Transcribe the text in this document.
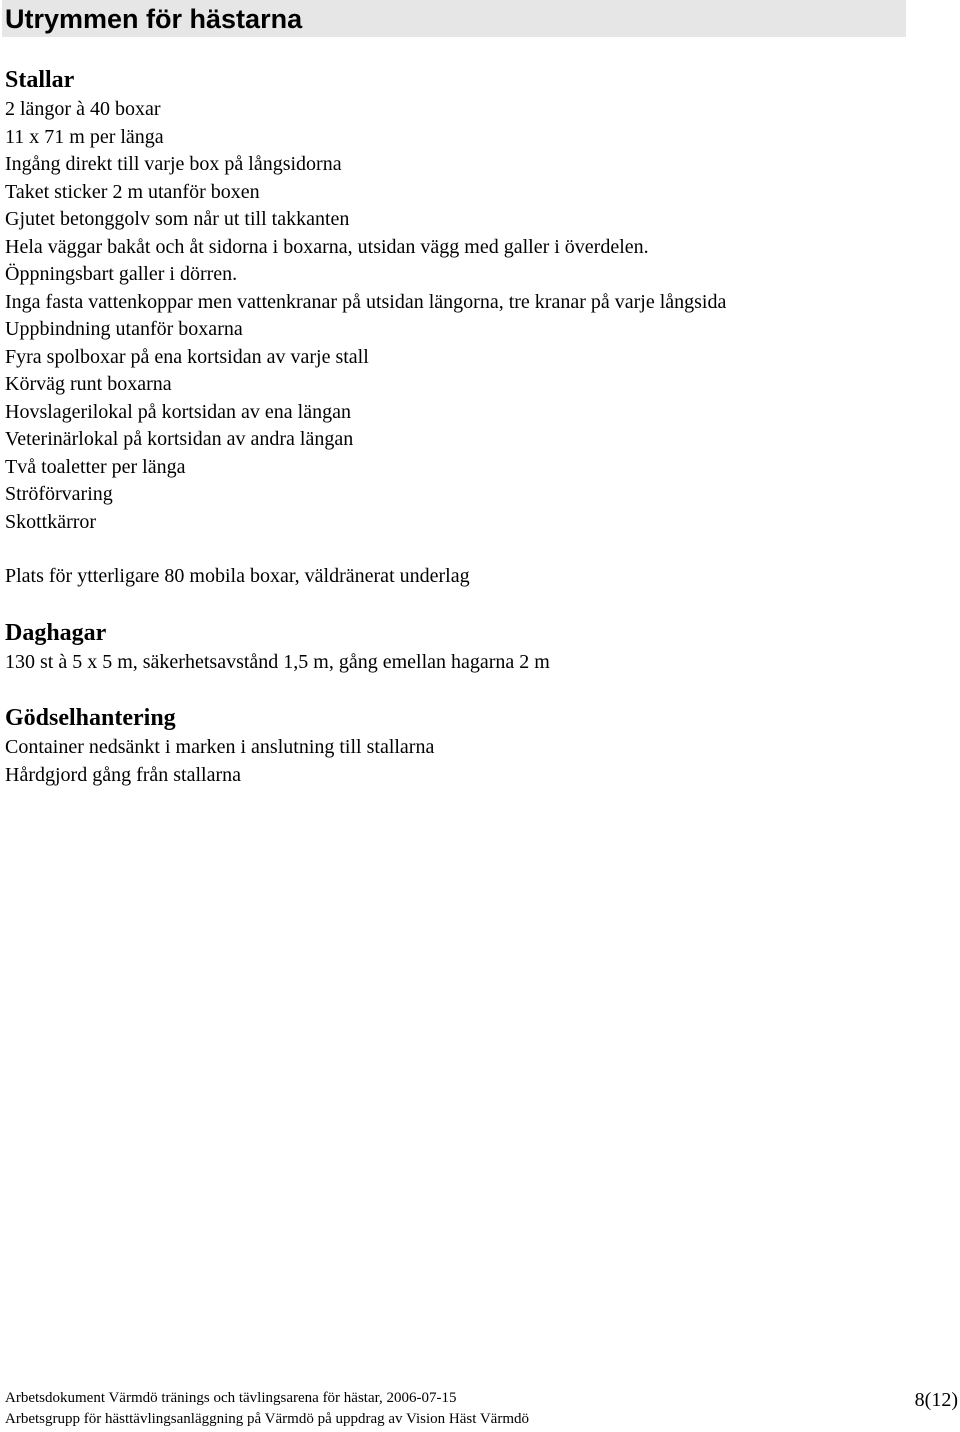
Utrymmen för hästarna
Stallar
2 längor à 40 boxar
11 x 71 m per länga
Ingång direkt till varje box på långsidorna
Taket sticker 2 m utanför boxen
Gjutet betonggolv som når ut till takkanten
Hela väggar bakåt och åt sidorna i boxarna, utsidan vägg med galler i överdelen.
Öppningsbart galler i dörren.
Inga fasta vattenkoppar men vattenkranar på utsidan längorna, tre kranar på varje långsida
Uppbindning utanför boxarna
Fyra spolboxar på ena kortsidan av varje stall
Körväg runt boxarna
Hovslagerilokal på kortsidan av ena längan
Veterinärlokal på kortsidan av andra längan
Två toaletter per länga
Ströförvaring
Skottkärror
Plats för ytterligare 80 mobila boxar, väldränerat underlag
Daghagar
130 st à 5 x 5 m, säkerhetsavstånd 1,5 m, gång emellan hagarna 2 m
Gödselhantering
Container nedsänkt i marken i anslutning till stallarna
Hårdgjord gång från stallarna
Arbetsdokument Värmdö tränings och tävlingsarena för hästar, 2006-07-15
Arbetsgrupp för hästtävlingsanläggning på Värmdö på uppdrag av Vision Häst Värmdö
8(12)
